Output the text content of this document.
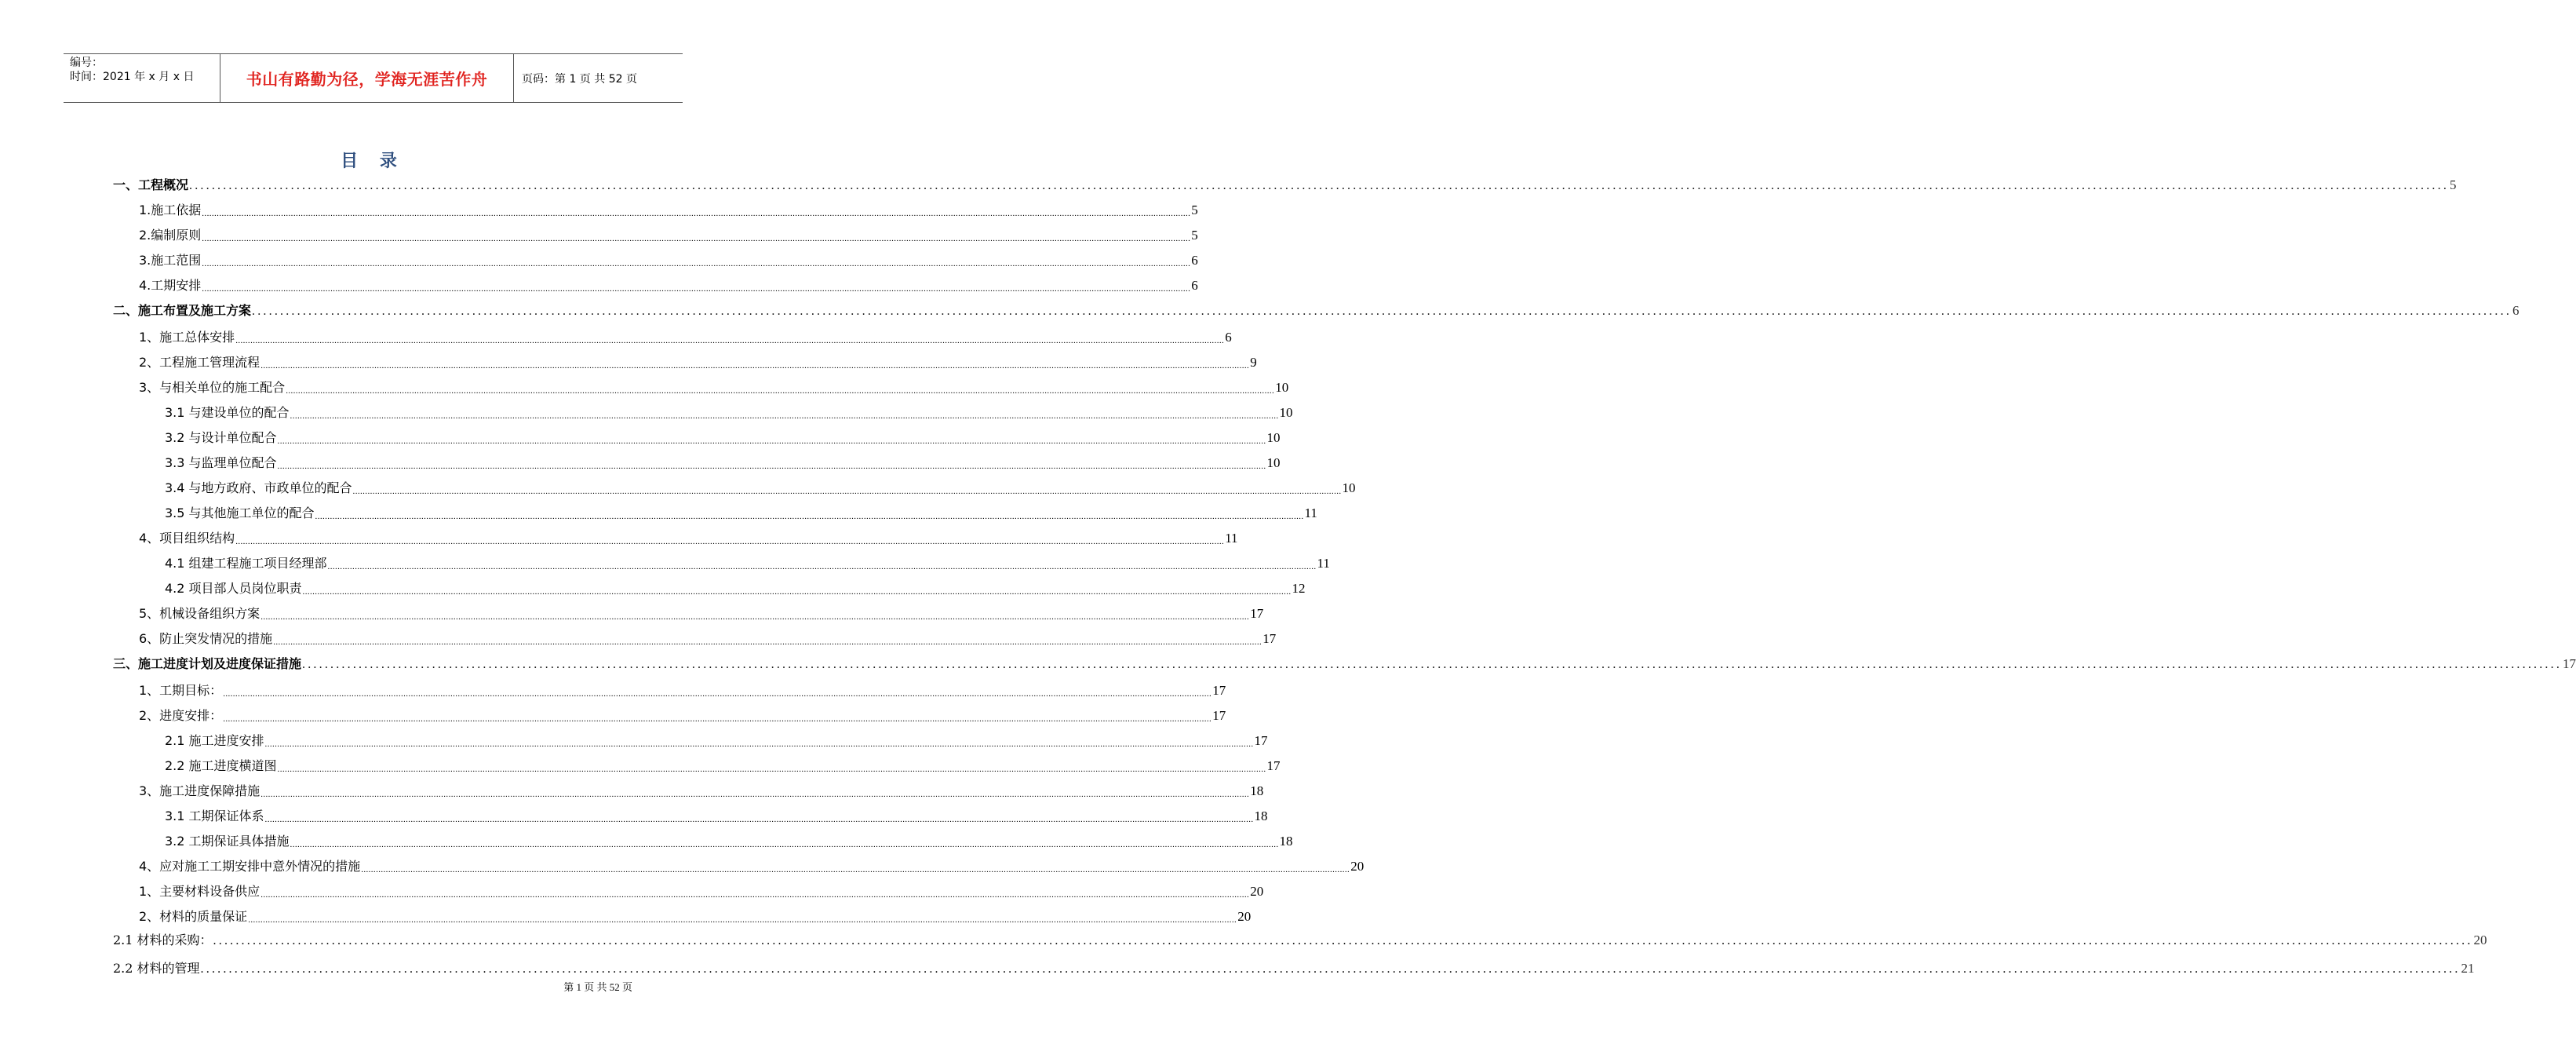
编号：
时间：2021 年 x 月 x 日	书山有路勤为径，学海无涯苦作舟	页码：第 1 页 共 52 页
目 录
一、工程概况 ................................................................................................................................................................................................................................................................................................................................................................................................................ 5
1.施工依据 ................................................................................................................................................................................................................................................................................................................................................................................................................ 5
2.编制原则 ................................................................................................................................................................................................................................................................................................................................................................................................................ 5
3.施工范围 ................................................................................................................................................................................................................................................................................................................................................................................................................ 6
4.工期安排 ................................................................................................................................................................................................................................................................................................................................................................................................................ 6
二、施工布置及施工方案 ................................................................................................................................................................................................................................................................................................................................................................................................................ 6
1、施工总体安排 ................................................................................................................................................................................................................................................................................................................................................................................................................ 6
2、工程施工管理流程 ................................................................................................................................................................................................................................................................................................................................................................................................................ 9
3、与相关单位的施工配合 ................................................................................................................................................................................................................................................................................................................................................................................................................ 10
3.1 与建设单位的配合 ................................................................................................................................................................................................................................................................................................................................................................................................................ 10
3.2 与设计单位配合 ................................................................................................................................................................................................................................................................................................................................................................................................................ 10
3.3 与监理单位配合 ................................................................................................................................................................................................................................................................................................................................................................................................................ 10
3.4 与地方政府、市政单位的配合 ................................................................................................................................................................................................................................................................................................................................................................................................................ 10
3.5 与其他施工单位的配合 ................................................................................................................................................................................................................................................................................................................................................................................................................ 11
4、项目组织结构 ................................................................................................................................................................................................................................................................................................................................................................................................................ 11
4.1 组建工程施工项目经理部 ................................................................................................................................................................................................................................................................................................................................................................................................................ 11
4.2 项目部人员岗位职责 ................................................................................................................................................................................................................................................................................................................................................................................................................ 12
5、机械设备组织方案 ................................................................................................................................................................................................................................................................................................................................................................................................................ 17
6、防止突发情况的措施 ................................................................................................................................................................................................................................................................................................................................................................................................................ 17
三、施工进度计划及进度保证措施 ................................................................................................................................................................................................................................................................................................................................................................................................................ 17
1、工期目标： ................................................................................................................................................................................................................................................................................................................................................................................................................ 17
2、进度安排： ................................................................................................................................................................................................................................................................................................................................................................................................................ 17
2.1 施工进度安排 ................................................................................................................................................................................................................................................................................................................................................................................................................ 17
2.2 施工进度横道图 ................................................................................................................................................................................................................................................................................................................................................................................................................ 17
3、施工进度保障措施 ................................................................................................................................................................................................................................................................................................................................................................................................................ 18
3.1 工期保证体系 ................................................................................................................................................................................................................................................................................................................................................................................................................ 18
3.2 工期保证具体措施 ................................................................................................................................................................................................................................................................................................................................................................................................................ 18
4、应对施工工期安排中意外情况的措施 ................................................................................................................................................................................................................................................................................................................................................................................................................ 20
1、主要材料设备供应 ................................................................................................................................................................................................................................................................................................................................................................................................................ 20
2、材料的质量保证 ................................................................................................................................................................................................................................................................................................................................................................................................................ 20
2.1 材料的采购： ................................................................................................................................................................................................................................................................................................................................................................................................................ 20
2.2 材料的管理 ................................................................................................................................................................................................................................................................................................................................................................................................................ 21
第 1 页 共 52 页
